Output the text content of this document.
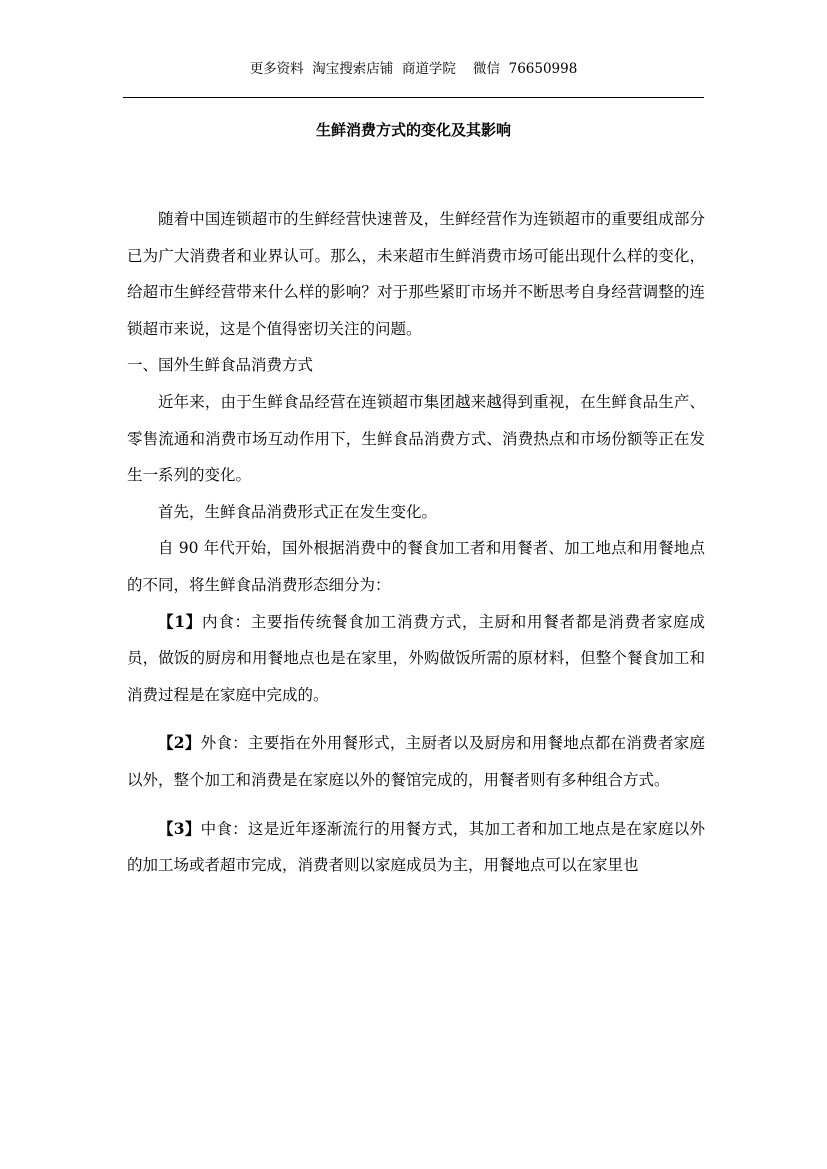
更多资料  淘宝搜索店铺  商道学院    微信  76650998
生鲜消费方式的变化及其影响

随着中国连锁超市的生鲜经营快速普及，生鲜经营作为连锁超市的重要组成部分已为广大消费者和业界认可。那么，未来超市生鲜消费市场可能出现什么样的变化，给超市生鲜经营带来什么样的影响？对于那些紧盯市场并不断思考自身经营调整的连锁超市来说，这是个值得密切关注的问题。

一、国外生鲜食品消费方式

近年来，由于生鲜食品经营在连锁超市集团越来越得到重视，在生鲜食品生产、零售流通和消费市场互动作用下，生鲜食品消费方式、消费热点和市场份额等正在发生一系列的变化。

首先，生鲜食品消费形式正在发生变化。

自 90 年代开始，国外根据消费中的餐食加工者和用餐者、加工地点和用餐地点的不同，将生鲜食品消费形态细分为：

【1】内食：主要指传统餐食加工消费方式，主厨和用餐者都是消费者家庭成员，做饭的厨房和用餐地点也是在家里，外购做饭所需的原材料，但整个餐食加工和消费过程是在家庭中完成的。

【2】外食：主要指在外用餐形式，主厨者以及厨房和用餐地点都在消费者家庭以外，整个加工和消费是在家庭以外的餐馆完成的，用餐者则有多种组合方式。

【3】中食：这是近年逐渐流行的用餐方式，其加工者和加工地点是在家庭以外的加工场或者超市完成，消费者则以家庭成员为主，用餐地点可以在家里也
